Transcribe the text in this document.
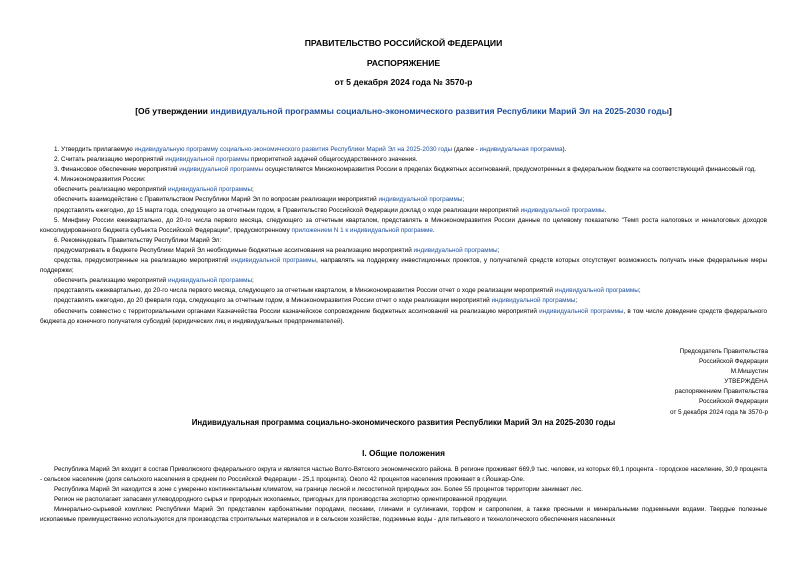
ПРАВИТЕЛЬСТВО РОССИЙСКОЙ ФЕДЕРАЦИИ
РАСПОРЯЖЕНИЕ
от 5 декабря 2024 года № 3570-р
[Об утверждении индивидуальной программы социально-экономического развития Республики Марий Эл на 2025-2030 годы]

1. Утвердить прилагаемую индивидуальную программу социально-экономического развития Республики Марий Эл на 2025-2030 годы (далее - индивидуальная программа).

2. Считать реализацию мероприятий индивидуальной программы приоритетной задачей общегосударственного значения.

3. Финансовое обеспечение мероприятий индивидуальной программы осуществляется Минэкономразвития России в пределах бюджетных ассигнований, предусмотренных в федеральном бюджете на соответствующий финансовый год.

4. Минэкономразвития России:

обеспечить реализацию мероприятий индивидуальной программы;

обеспечить взаимодействие с Правительством Республики Марий Эл по вопросам реализации мероприятий индивидуальной программы;

представлять ежегодно, до 15 марта года, следующего за отчетным годом, в Правительство Российской Федерации доклад о ходе реализации мероприятий индивидуальной программы.

5. Минфину России ежеквартально, до 20-го числа первого месяца, следующего за отчетным кварталом, представлять в Минэкономразвития России данные по целевому показателю "Темп роста налоговых и неналоговых доходов консолидированного бюджета субъекта Российской Федерации", предусмотренному приложением N 1 к индивидуальной программе.

6. Рекомендовать Правительству Республики Марий Эл:

предусматривать в бюджете Республики Марий Эл необходимые бюджетные ассигнования на реализацию мероприятий индивидуальной программы;

средства, предусмотренные на реализацию мероприятий индивидуальной программы, направлять на поддержку инвестиционных проектов, у получателей средств которых отсутствует возможность получать иные федеральные меры поддержки;

обеспечить реализацию мероприятий индивидуальной программы;

представлять ежеквартально, до 20-го числа первого месяца, следующего за отчетным кварталом, в Минэкономразвития России отчет о ходе реализации мероприятий индивидуальной программы;

представлять ежегодно, до 20 февраля года, следующего за отчетным годом, в Минэкономразвития России отчет о ходе реализации мероприятий индивидуальной программы;

обеспечить совместно с территориальными органами Казначейства России казначейское сопровождение бюджетных ассигнований на реализацию мероприятий индивидуальной программы, в том числе доведение средств федерального бюджета до конечного получателя субсидий (юридических лиц и индивидуальных предпринимателей).

Председатель Правительства
Российской Федерации
М.Мишустин
УТВЕРЖДЕНА
распоряжением Правительства
Российской Федерации
от 5 декабря 2024 года № 3570-р
Индивидуальная программа социально-экономического развития Республики Марий Эл на 2025-2030 годы
I. Общие положения

Республика Марий Эл входит в состав Приволжского федерального округа и является частью Волго-Вятского экономического района. В регионе проживает 669,9 тыс. человек, из которых 69,1 процента - городское население, 30,9 процента - сельское население (доля сельского населения в среднем по Российской Федерации - 25,1 процента). Около 42 процентов населения проживает в г.Йошкар-Оле.

Республика Марий Эл находится в зоне с умеренно континентальным климатом, на границе лесной и лесостепной природных зон. Более 55 процентов территории занимает лес.

Регион не располагает запасами углеводородного сырья и природных ископаемых, пригодных для производства экспортно ориентированной продукции.

Минерально-сырьевой комплекс Республики Марий Эл представлен карбонатными породами, песками, глинами и суглинками, торфом и сапропелем, а также пресными и минеральными подземными водами. Твердые полезные ископаемые преимущественно используются для производства строительных материалов и в сельском хозяйстве, подземные воды - для питьевого и технологического обеспечения населенных
